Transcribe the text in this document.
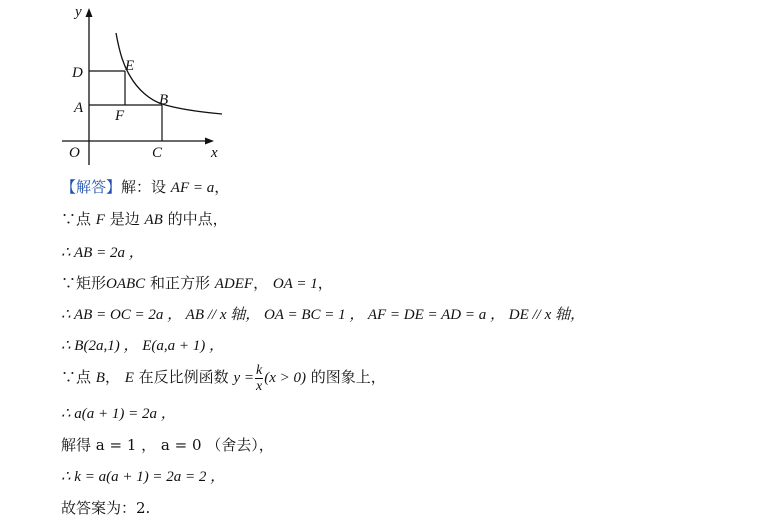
y
x
O	C
A
D	E
B
F
【解答】解：设 AF = a，
∵点 F 是边 AB 的中点，
∴ AB = 2a ，
∵矩形OABC 和正方形 ADEF， OA = 1，
∴ AB = OC = 2a ， AB // x 轴， OA = BC = 1 ， AF = DE = AD = a ， DE // x 轴，
∴ B(2a,1) ， E(a,a + 1) ，
∵点 B， E 在反比例函数 $y = \frac{k}{x} (x > 0)$ 的图象上，
∴ a(a + 1) = 2a ，
解得 a = 1 ， a = 0 （舍去），
∴ k = a(a + 1) = 2a = 2 ，
故答案为：2.
